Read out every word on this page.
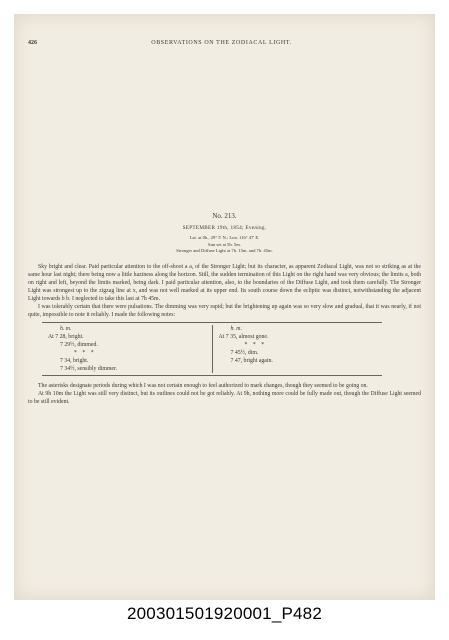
426	OBSERVATIONS ON THE ZODIACAL LIGHT.
No. 213.
SEPTEMBER 19th, 1854; Evening.
Lat. at 0h., 29° 5' N.; Lon. 116° 47' E.
Sun set at 5h. 5m.
Stronger and Diffuse Light at 7h. 15m. and 7h. 45m.

Sky bright and clear. Paid particular attention to the off-shoot a a, of the Stronger Light; but its character, as apparent Zodiacal Light, was not so striking as at the same hour last night; there being now a little haziness along the horizon. Still, the sudden termination of this Light on the right hand was very obvious; the limits a, both on right and left, beyond the limits marked, being dark. I paid particular attention, also, to the boundaries of the Diffuse Light, and took them carefully. The Stronger Light was strongest up to the zigzag line at x, and was not well marked at its upper end. Its south course down the ecliptic was distinct, notwithstanding the adjacent Light towards b b. I neglected to take this last at 7h 45m.

I was tolerably certain that there were pulsations. The dimming was very rapid; but the brightening up again was so very slow and gradual, that it was nearly, if not quite, impossible to note it reliably. I made the following notes:

h. m.
At 7 28, bright.
7 29½, dimmed.
* * *
7 34, bright.
7 34½, sensibly dimmer.
h. m.
At 7 35, almost gone.
* * *
7 45½, dim.
7 47, bright again.

The asterisks designate periods during which I was not certain enough to feel authorized to mark changes, though they seemed to be going on.

At 9h 10m the Light was still very distinct, but its outlines could not be got reliably. At 9h, nothing more could be fully made out, though the Diffuse Light seemed to be still evident.

200301501920001_P482
